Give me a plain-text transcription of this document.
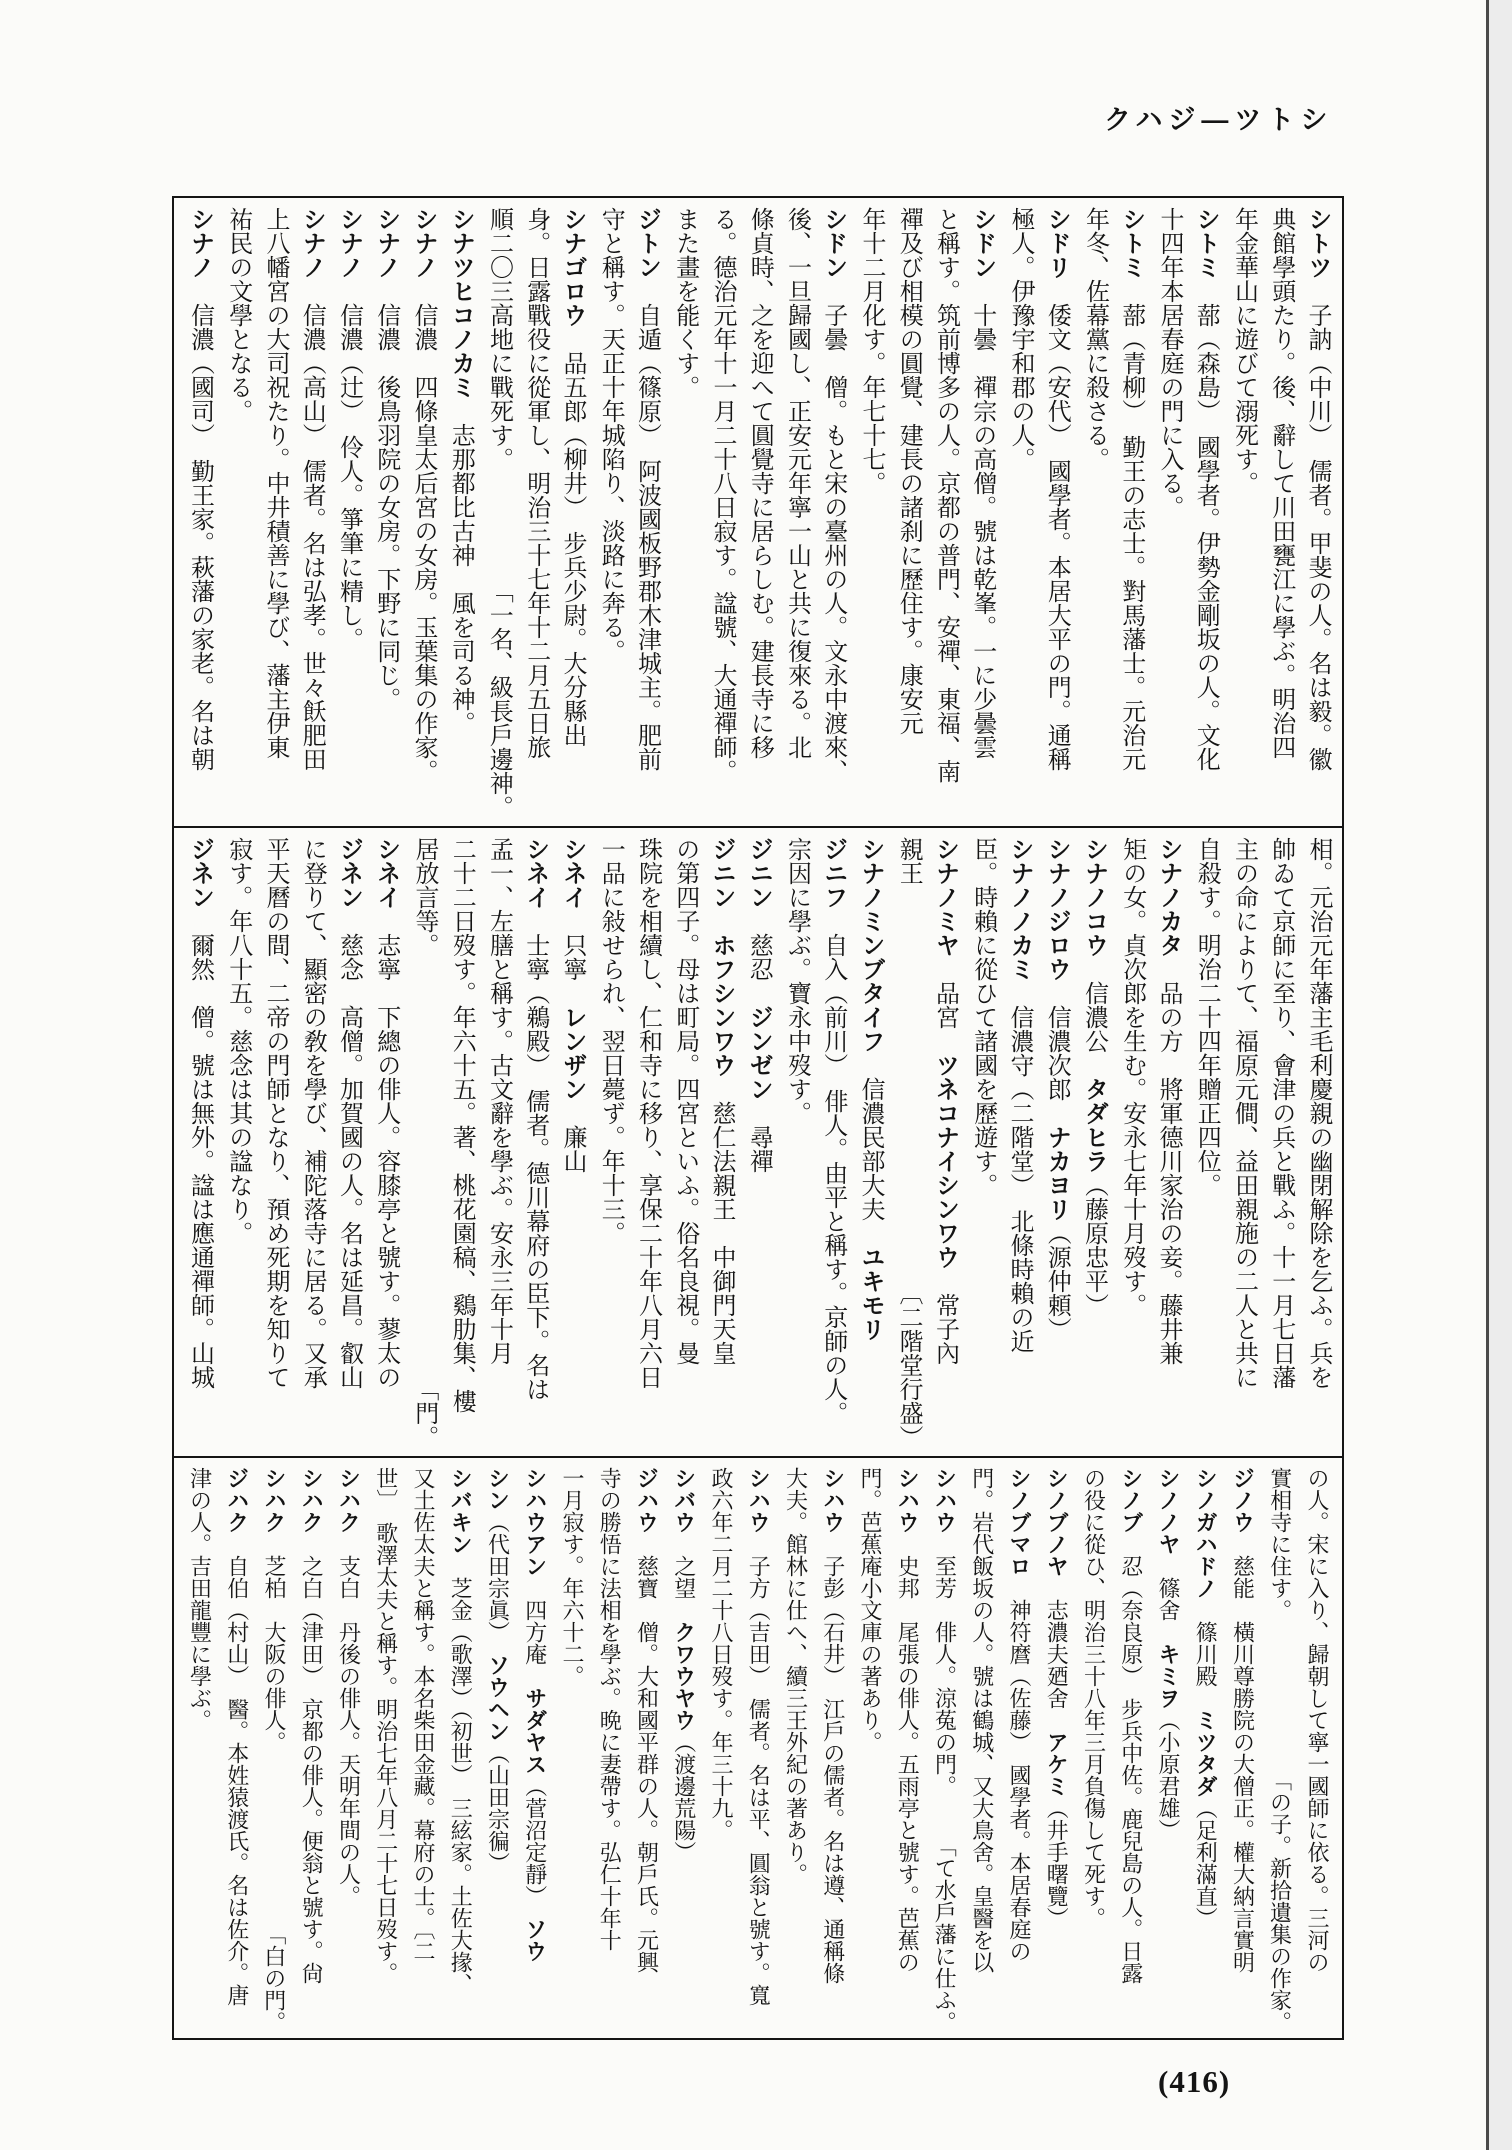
クハジ―ツトシ
シトツ　子訥（中川）　儒者。甲斐の人。名は毅。徽
典館學頭たり。後、辭して川田甕江に學ぶ。明治四
年金華山に遊びて溺死す。
シトミ　蔀（森島）　國學者。伊勢金剛坂の人。文化
十四年本居春庭の門に入る。
シトミ　蔀（青柳）　勤王の志士。對馬藩士。元治元
年冬、佐幕黨に殺さる。
シドリ　倭文（安代）　國學者。本居大平の門。通稱
極人。伊豫宇和郡の人。
シドン　十曇　禪宗の高僧。號は乾峯。一に少曇雲
と稱す。筑前博多の人。京都の普門、安禪、東福、南
禪及び相模の圓覺、建長の諸刹に歷住す。康安元
年十二月化す。年七十七。
シドン　子曇　僧。もと宋の臺州の人。文永中渡來、
後、一旦歸國し、正安元年寧一山と共に復來る。北
條貞時、之を迎へて圓覺寺に居らしむ。建長寺に移
る。德治元年十一月二十八日寂す。諡號、大通禪師。
また畫を能くす。
ジトン　自遁（篠原）　阿波國板野郡木津城主。肥前
守と稱す。天正十年城陷り、淡路に奔る。
シナゴロウ　品五郎（柳井）　步兵少尉。大分縣出
身。日露戰役に從軍し、明治三十七年十二月五日旅
順二〇三高地に戰死す。
「一名、級長戶邊神。
シナツヒコノカミ　志那都比古神　風を司る神。
シナノ　信濃　四條皇太后宮の女房。玉葉集の作家。
シナノ　信濃　後鳥羽院の女房。下野に同じ。
シナノ　信濃（辻）　伶人。箏筆に精し。
シナノ　信濃（高山）　儒者。名は弘孝。世々飫肥田
上八幡宮の大司祝たり。中井積善に學び、藩主伊東
祐民の文學となる。
シナノ　信濃（國司）　勤王家。萩藩の家老。名は朝
相。元治元年藩主毛利慶親の幽閉解除を乞ふ。兵を
帥ゐて京師に至り、會津の兵と戰ふ。十一月七日藩
主の命によりて、福原元僴、益田親施の二人と共に
自殺す。明治二十四年贈正四位。
シナノカタ　品の方　將軍德川家治の妾。藤井兼
矩の女。貞次郎を生む。安永七年十月歿す。
シナノコウ　信濃公　タダヒラ（藤原忠平）
シナノジロウ　信濃次郎　ナカヨリ（源仲頼）
シナノノカミ　信濃守（二階堂）　北條時賴の近
臣。時賴に從ひて諸國を歷遊す。
シナノミヤ　品宮　ツネコナイシンワウ　常子內
親王
〔二階堂行盛）
シナノミンブタイフ　信濃民部大夫　ユキモリ
ジニフ　自入（前川）　俳人。由平と稱す。京師の人。
宗因に學ぶ。寶永中歿す。
ジニン　慈忍　ジンゼン　尋禪
ジニン　ホフシンワウ　慈仁法親王　中御門天皇
の第四子。母は町局。四宮といふ。俗名良視。曼
珠院を相續し、仁和寺に移り、享保二十年八月六日
一品に敍せられ、翌日薨ず。年十三。
シネイ　只寧　レンザン　廉山
シネイ　士寧（鵜殿）　儒者。德川幕府の臣下。名は
孟一、左膳と稱す。古文辭を學ぶ。安永三年十月
二十二日歿す。年六十五。著、桃花園稿、鷄肋集、樓
居放言等。
「門。
シネイ　志寧　下總の俳人。容膝亭と號す。蓼太の
ジネン　慈念　高僧。加賀國の人。名は延昌。叡山
に登りて、顯密の敎を學び、補陀落寺に居る。又承
平天曆の間、二帝の門師となり、預め死期を知りて
寂す。年八十五。慈念は其の諡なり。
ジネン　爾然　僧。號は無外。諡は應通禪師。山城
の人。宋に入り、歸朝して寧一國師に依る。三河の
實相寺に住す。
「の子。新拾遺集の作家。
ジノウ　慈能　橫川尊勝院の大僧正。權大納言實明
シノガハドノ　篠川殿　ミツタダ（足利滿直）
シノノヤ　篠舍　キミヲ（小原君雄）
シノブ　忍（奈良原）　步兵中佐。鹿兒島の人。日露
の役に從ひ、明治三十八年三月負傷して死す。
シノブノヤ　志濃夫廼舍　アケミ（井手曙覽）
シノブマロ　神符麿（佐藤）　國學者。本居春庭の
門。岩代飯坂の人。號は鶴城、又大鳥舍。皇醫を以
シハウ　至芳　俳人。涼菟の門。
「て水戶藩に仕ふ。
シハウ　史邦　尾張の俳人。五雨亭と號す。芭蕉の
門。芭蕉庵小文庫の著あり。
シハウ　子彭（石井）　江戶の儒者。名は遵、通稱條
大夫。館林に仕へ、續三王外紀の著あり。
シハウ　子方（吉田）　儒者。名は平、圓翁と號す。寬
政六年二月二十八日歿す。年三十九。
シバウ　之望　クワウヤウ（渡邊荒陽）
ジハウ　慈寶　僧。大和國平群の人。朝戶氏。元興
寺の勝悟に法相を學ぶ。晩に妻帶す。弘仁十年十
一月寂す。年六十二。
シハウアン　四方庵　サダヤス（菅沼定靜）　ソウ
シン（代田宗眞）　ソウヘン（山田宗徧）
シバキン　芝金（歌澤）（初世）　三絃家。土佐大掾、
又土佐太夫と稱す。本名柴田金藏。幕府の士。〔二
世〕　歌澤太夫と稱す。明治七年八月二十七日歿す。
シハク　支白　丹後の俳人。天明年間の人。
シハク　之白（津田）　京都の俳人。便翁と號す。尙
シハク　芝柏　大阪の俳人。
「白の門。
ジハク　自伯（村山）　醫。本姓猿渡氏。名は佐介。唐
津の人。吉田龍豐に學ぶ。
(416)
